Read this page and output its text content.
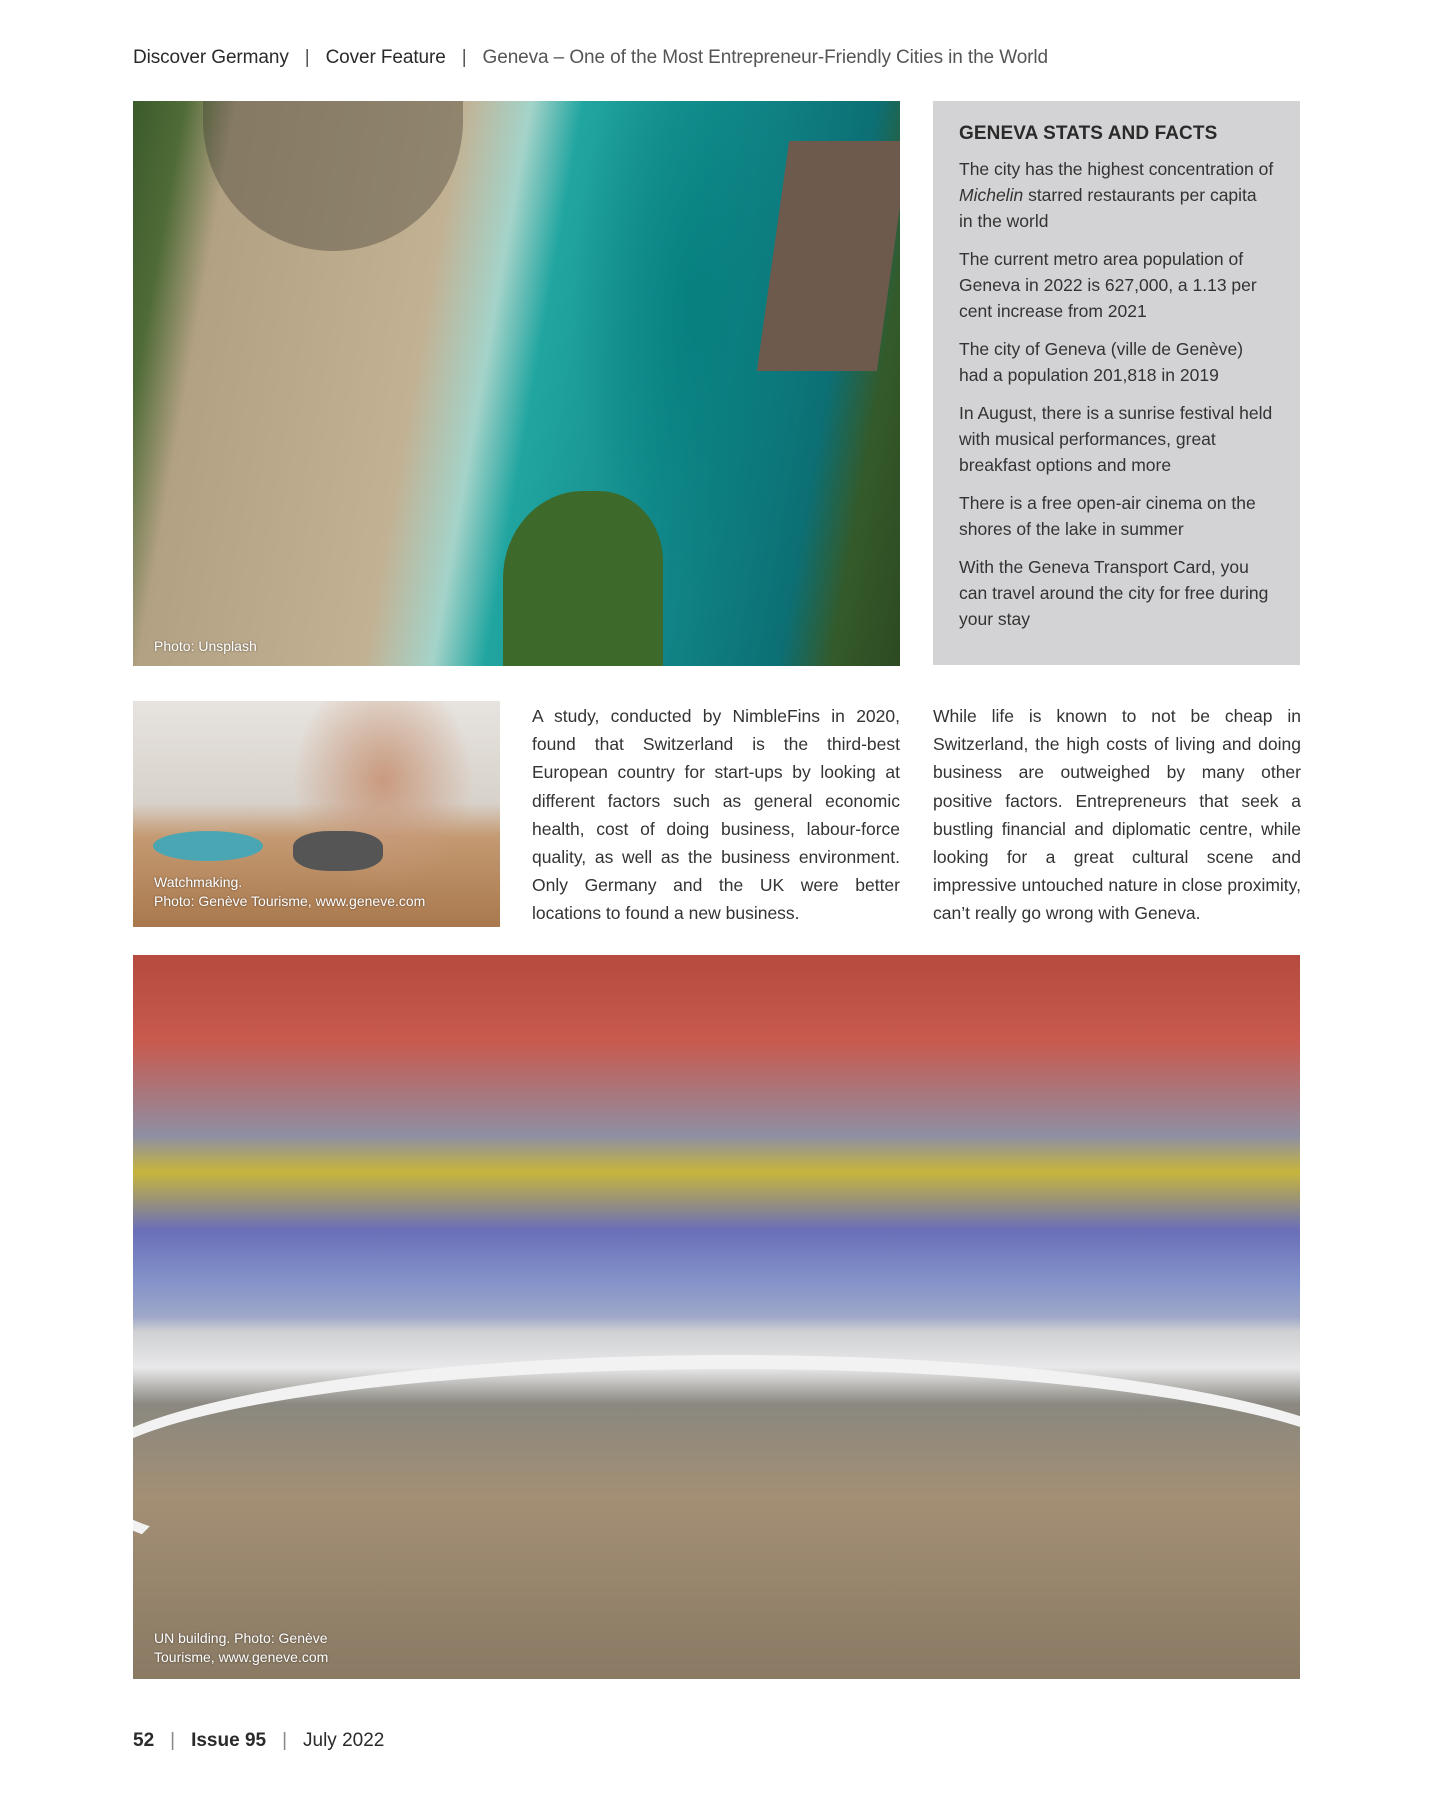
Discover Germany | Cover Feature | Geneva – One of the Most Entrepreneur-Friendly Cities in the World
Photo: Unsplash
GENEVA STATS AND FACTS

The city has the highest concentration of Michelin starred restaurants per capita in the world

The current metro area population of Geneva in 2022 is 627,000, a 1.13 per cent increase from 2021

The city of Geneva (ville de Genève) had a population 201,818 in 2019

In August, there is a sunrise festival held with musical performances, great breakfast options and more

There is a free open-air cinema on the shores of the lake in summer

With the Geneva Transport Card, you can travel around the city for free during your stay

Watchmaking.
Photo: Genève Tourisme, www.geneve.com
A study, conducted by NimbleFins in 2020, found that Switzerland is the third-best European country for start-ups by looking at different factors such as general economic health, cost of doing business, labour-force quality, as well as the business environment. Only Germany and the UK were better locations to found a new business.
While life is known to not be cheap in Switzerland, the high costs of living and doing business are outweighed by many other positive factors. Entrepreneurs that seek a bustling financial and diplomatic centre, while looking for a great cultural scene and impressive untouched nature in close proximity, can’t really go wrong with Geneva.
UN building. Photo: Genève
Tourisme, www.geneve.com
52 | Issue 95 | July 2022
